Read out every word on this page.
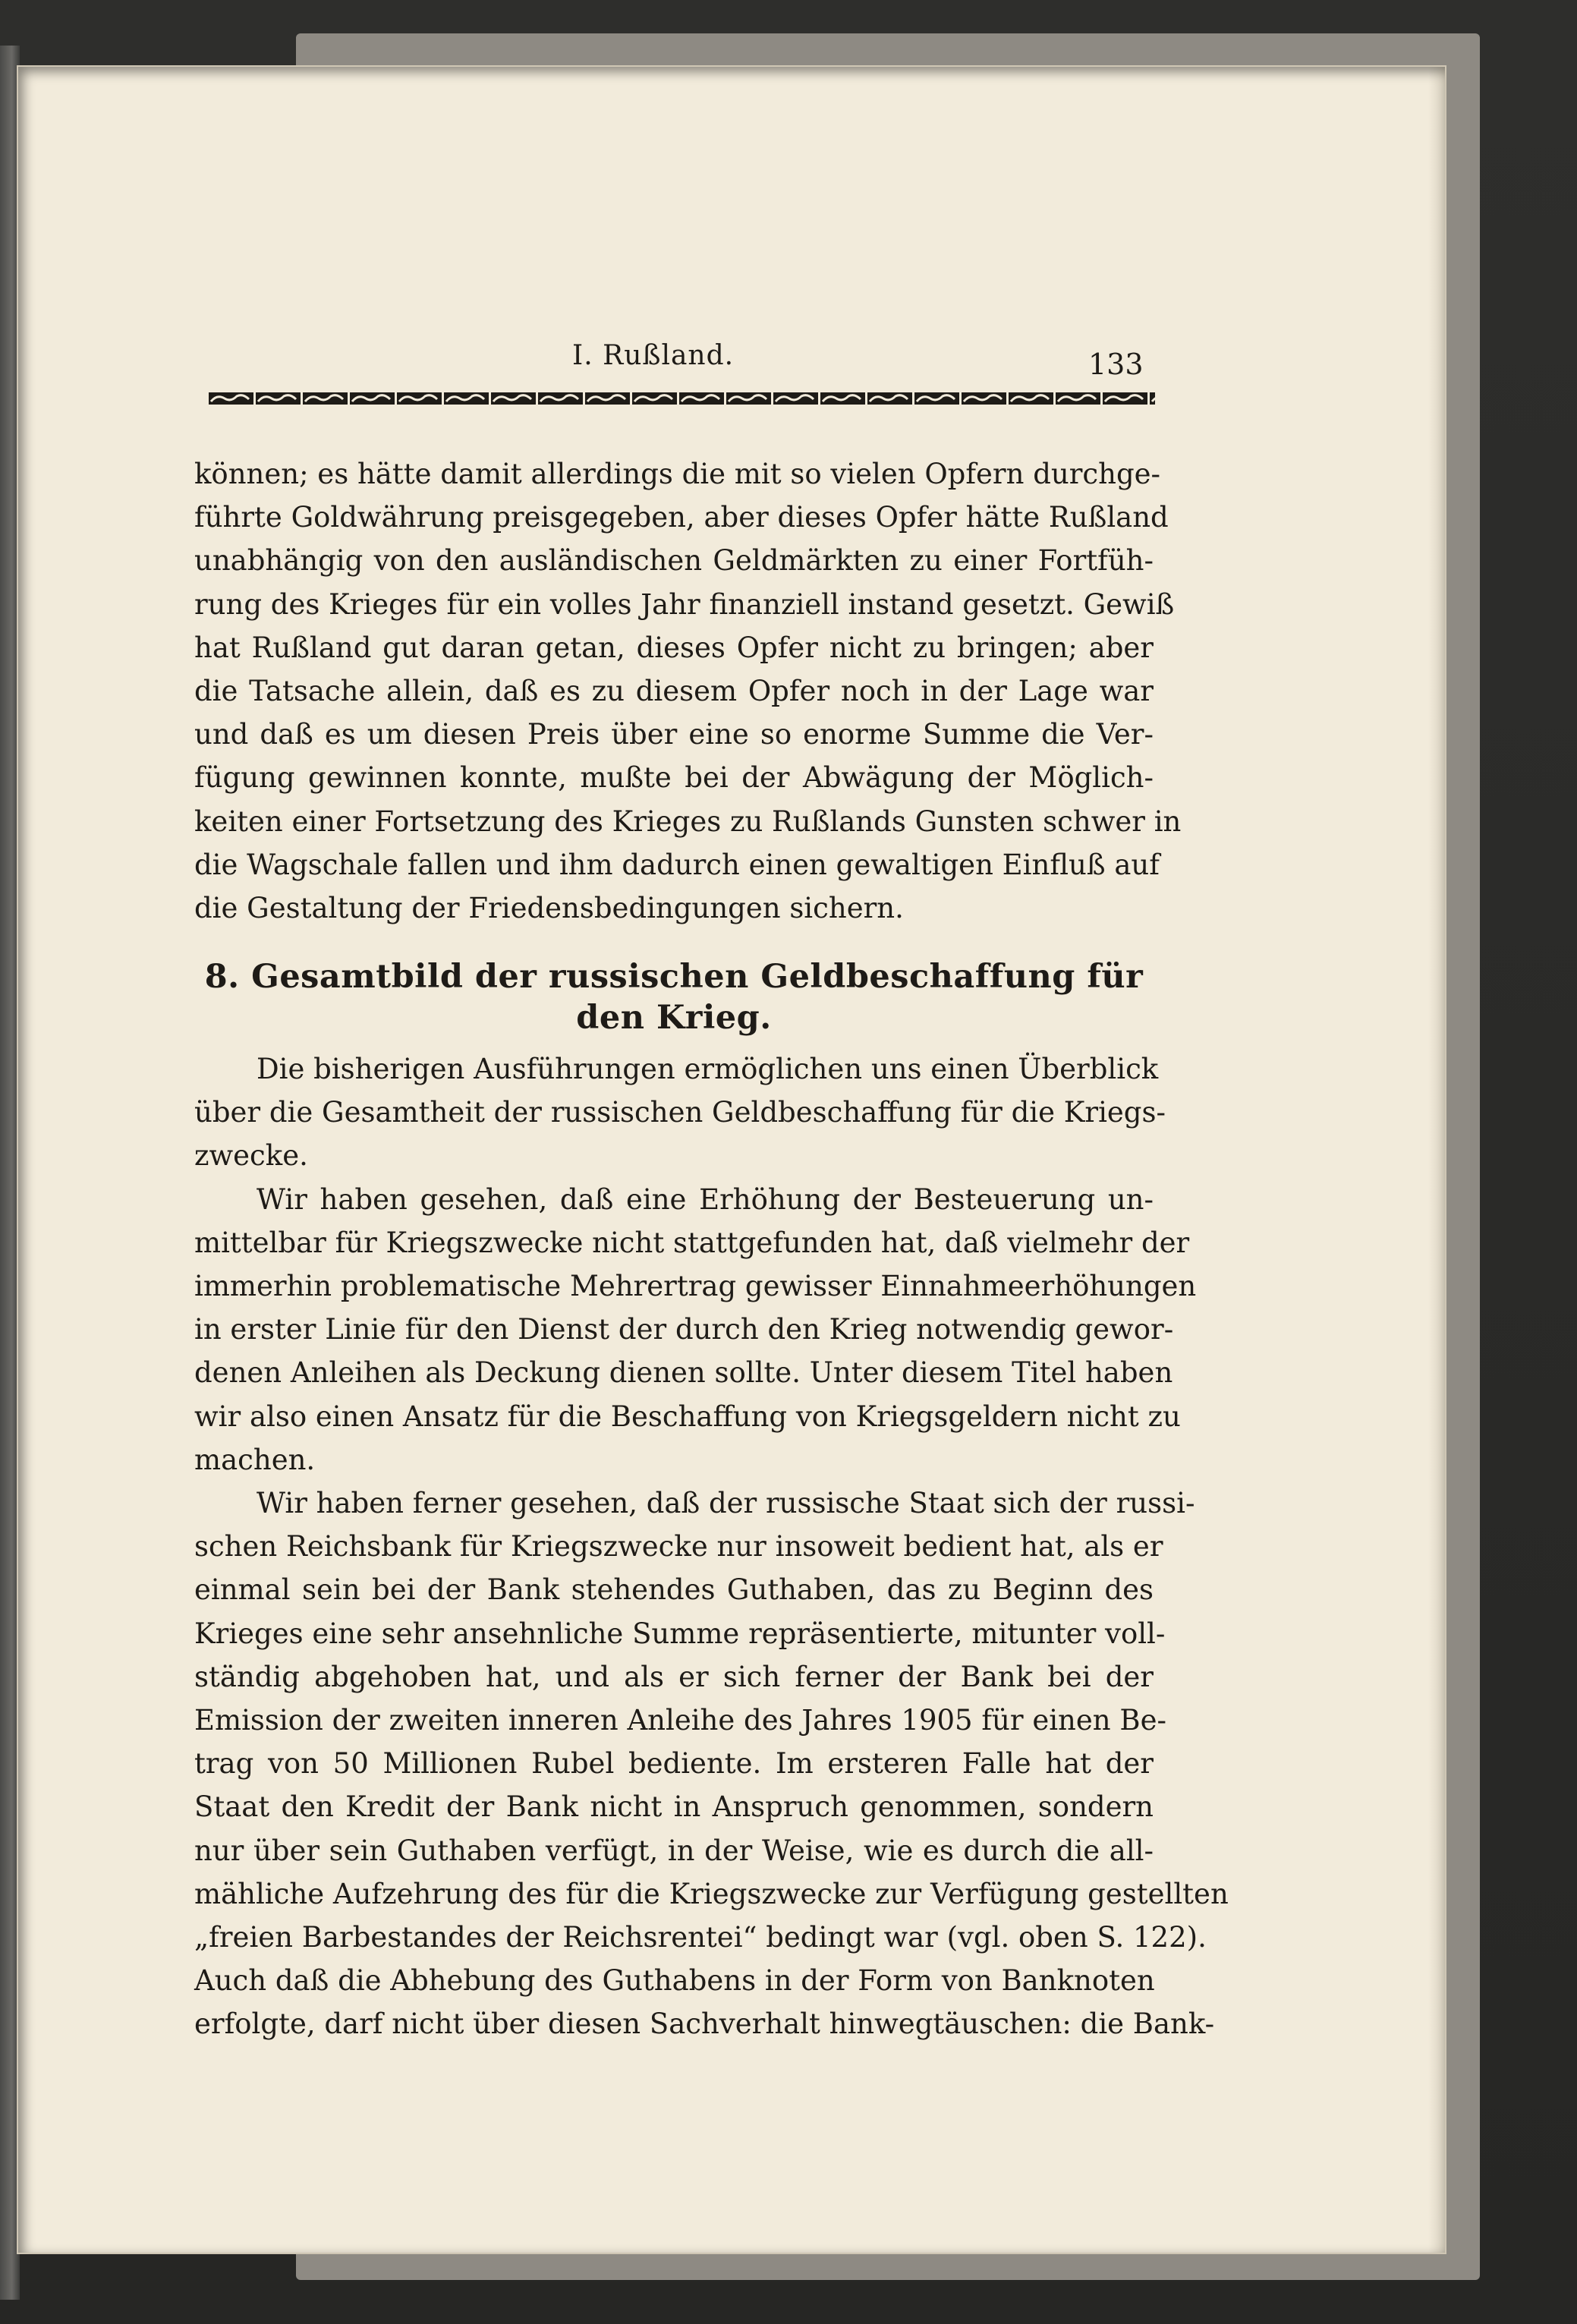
I. Rußland.	133
können; es hätte damit allerdings die mit so vielen Opfern durchge-
führte Goldwährung preisgegeben, aber dieses Opfer hätte Rußland
unabhängig von den ausländischen Geldmärkten zu einer Fortfüh-
rung des Krieges für ein volles Jahr finanziell instand gesetzt. Gewiß
hat Rußland gut daran getan, dieses Opfer nicht zu bringen; aber
die Tatsache allein, daß es zu diesem Opfer noch in der Lage war
und daß es um diesen Preis über eine so enorme Summe die Ver-
fügung gewinnen konnte, mußte bei der Abwägung der Möglich-
keiten einer Fortsetzung des Krieges zu Rußlands Gunsten schwer in
die Wagschale fallen und ihm dadurch einen gewaltigen Einfluß auf
die Gestaltung der Friedensbedingungen sichern.
8. Gesamtbild der russischen Geldbeschaffung für
den Krieg.
Die bisherigen Ausführungen ermöglichen uns einen Überblick
über die Gesamtheit der russischen Geldbeschaffung für die Kriegs-
zwecke.
Wir haben gesehen, daß eine Erhöhung der Besteuerung un-
mittelbar für Kriegszwecke nicht stattgefunden hat, daß vielmehr der
immerhin problematische Mehrertrag gewisser Einnahmeerhöhungen
in erster Linie für den Dienst der durch den Krieg notwendig gewor-
denen Anleihen als Deckung dienen sollte. Unter diesem Titel haben
wir also einen Ansatz für die Beschaffung von Kriegsgeldern nicht zu
machen.
Wir haben ferner gesehen, daß der russische Staat sich der russi-
schen Reichsbank für Kriegszwecke nur insoweit bedient hat, als er
einmal sein bei der Bank stehendes Guthaben, das zu Beginn des
Krieges eine sehr ansehnliche Summe repräsentierte, mitunter voll-
ständig abgehoben hat, und als er sich ferner der Bank bei der
Emission der zweiten inneren Anleihe des Jahres 1905 für einen Be-
trag von 50 Millionen Rubel bediente. Im ersteren Falle hat der
Staat den Kredit der Bank nicht in Anspruch genommen, sondern
nur über sein Guthaben verfügt, in der Weise, wie es durch die all-
mähliche Aufzehrung des für die Kriegszwecke zur Verfügung gestellten
„freien Barbestandes der Reichsrentei“ bedingt war (vgl. oben S. 122).
Auch daß die Abhebung des Guthabens in der Form von Banknoten
erfolgte, darf nicht über diesen Sachverhalt hinwegtäuschen: die Bank-
